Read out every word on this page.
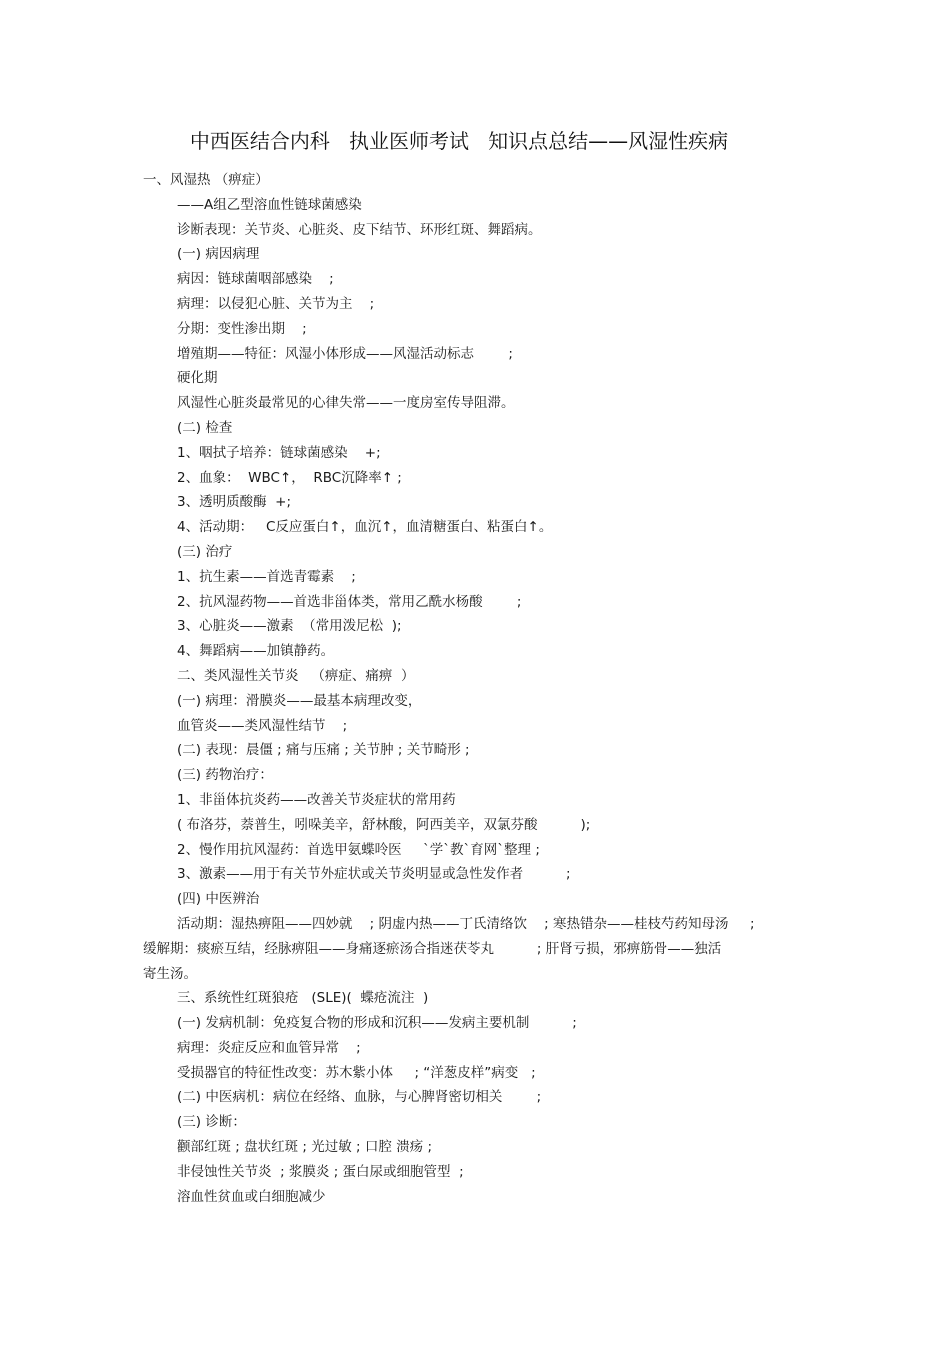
中西医结合内科   执业医师考试   知识点总结——风湿性疾病
一、风湿热 （痹症）
——A组乙型溶血性链球菌感染
诊断表现：关节炎、心脏炎、皮下结节、环形红斑、舞蹈病。
(一) 病因病理
病因：链球菌咽部感染    ;
病理：以侵犯心脏、关节为主    ;
分期：变性渗出期    ;
增殖期——特征：风湿小体形成——风湿活动标志        ;
硬化期
风湿性心脏炎最常见的心律失常——一度房室传导阻滞。
(二) 检查
1、咽拭子培养：链球菌感染    +;
2、血象：  WBC↑，  RBC沉降率↑ ;
3、透明质酸酶  +;
4、活动期：   C反应蛋白↑，血沉↑，血清糖蛋白、粘蛋白↑。
(三) 治疗
1、抗生素——首选青霉素    ;
2、抗风湿药物——首选非甾体类，常用乙酰水杨酸        ;
3、心脏炎——激素  （常用泼尼松  );
4、舞蹈病——加镇静药。
二、类风湿性关节炎   （痹症、痛痹  ）
(一) 病理：滑膜炎——最基本病理改变，
血管炎——类风湿性结节    ;
(二) 表现：晨僵 ; 痛与压痛 ; 关节肿 ; 关节畸形 ;
(三) 药物治疗：
1、非甾体抗炎药——改善关节炎症状的常用药
( 布洛芬，萘普生，吲哚美辛，舒林酸，阿西美辛，双氯芬酸          );
2、慢作用抗风湿药：首选甲氨蝶呤医     `学`教`育网`整理 ;
3、激素——用于有关节外症状或关节炎明显或急性发作者          ;
(四) 中医辨治
活动期：湿热痹阻——四妙就    ; 阴虚内热——丁氏清络饮    ; 寒热错杂——桂枝芍药知母汤     ;
缓解期：痰瘀互结，经脉痹阻——身痛逐瘀汤合指迷茯苓丸          ; 肝肾亏损，邪痹筋骨——独活
寄生汤。
三、系统性红斑狼疮   (SLE)(  蝶疮流注  )
(一) 发病机制：免疫复合物的形成和沉积——发病主要机制          ;
病理：炎症反应和血管异常    ;
受损器官的特征性改变：苏木紫小体     ; “洋葱皮样”病变   ;
(二) 中医病机：病位在经络、血脉，与心脾肾密切相关        ;
(三) 诊断：
颧部红斑 ; 盘状红斑 ; 光过敏 ; 口腔 溃疡 ;
非侵蚀性关节炎  ; 浆膜炎 ; 蛋白尿或细胞管型  ;
溶血性贫血或白细胞减少
